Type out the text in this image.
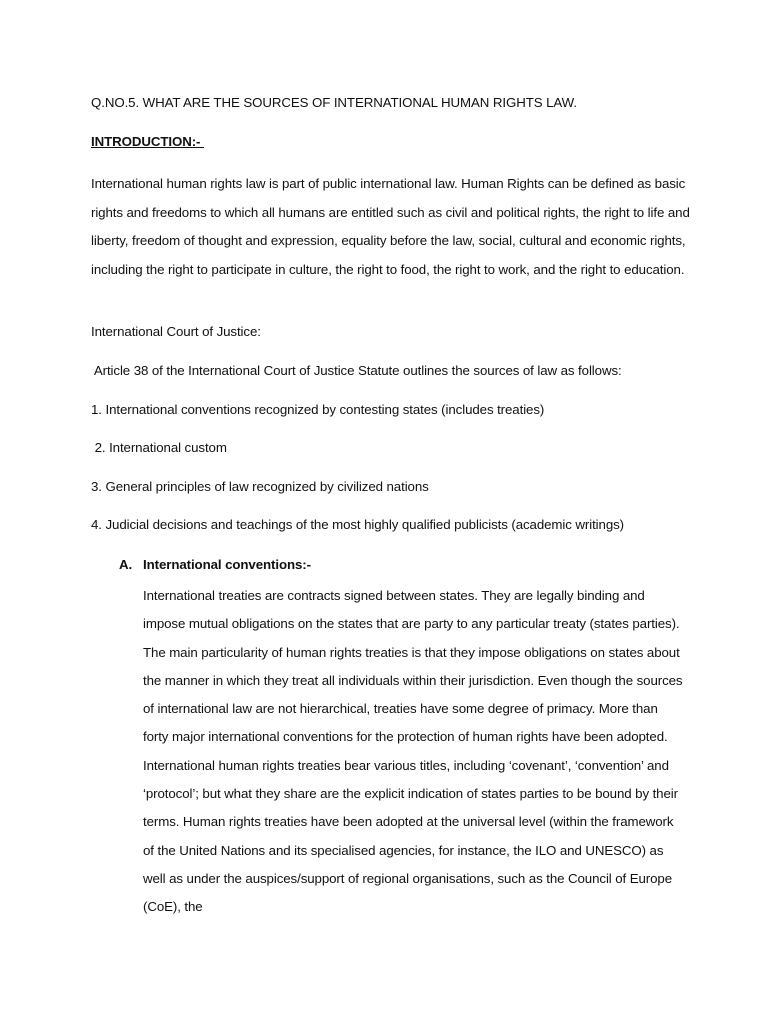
Q.NO.5. WHAT ARE THE SOURCES OF INTERNATIONAL HUMAN RIGHTS LAW.
INTRODUCTION:-

International human rights law is part of public international law. Human Rights can be defined as basic rights and freedoms to which all humans are entitled such as civil and political rights, the right to life and liberty, freedom of thought and expression, equality before the law, social, cultural and economic rights, including the right to participate in culture, the right to food, the right to work, and the right to education.

International Court of Justice:
Article 38 of the International Court of Justice Statute outlines the sources of law as follows:
1. International conventions recognized by contesting states (includes treaties)
2. International custom
3. General principles of law recognized by civilized nations
4. Judicial decisions and teachings of the most highly qualified publicists (academic writings)
A. International conventions:-

International treaties are contracts signed between states. They are legally binding and impose mutual obligations on the states that are party to any particular treaty (states parties). The main particularity of human rights treaties is that they impose obligations on states about the manner in which they treat all individuals within their jurisdiction. Even though the sources of international law are not hierarchical, treaties have some degree of primacy. More than forty major international conventions for the protection of human rights have been adopted. International human rights treaties bear various titles, including ‘covenant’, ‘convention’ and ‘protocol’; but what they share are the explicit indication of states parties to be bound by their terms. Human rights treaties have been adopted at the universal level (within the framework of the United Nations and its specialised agencies, for instance, the ILO and UNESCO) as well as under the auspices/support of regional organisations, such as the Council of Europe (CoE), the
